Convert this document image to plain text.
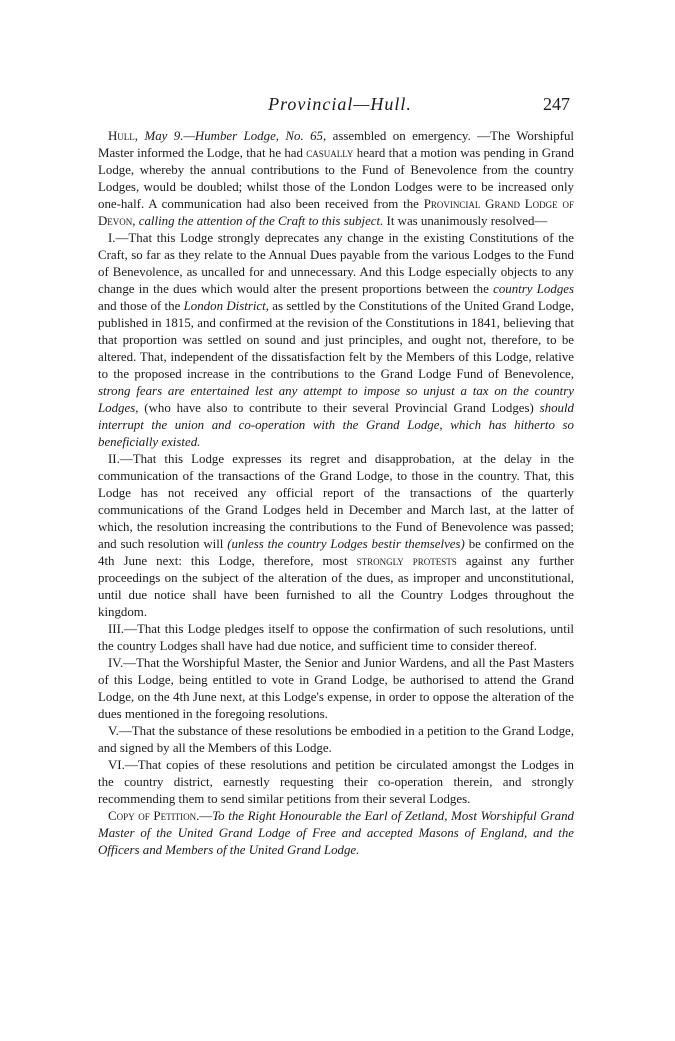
Provincial—Hull.	247

Hull, May 9.—Humber Lodge, No. 65, assembled on emergency. —The Worshipful Master informed the Lodge, that he had casually heard that a motion was pending in Grand Lodge, whereby the annual contributions to the Fund of Benevolence from the country Lodges, would be doubled; whilst those of the London Lodges were to be increased only one-half. A communication had also been received from the Provincial Grand Lodge of Devon, calling the attention of the Craft to this subject. It was unanimously resolved—

I.—That this Lodge strongly deprecates any change in the existing Constitutions of the Craft, so far as they relate to the Annual Dues payable from the various Lodges to the Fund of Benevolence, as uncalled for and unnecessary. And this Lodge especially objects to any change in the dues which would alter the present proportions between the country Lodges and those of the London District, as settled by the Constitutions of the United Grand Lodge, published in 1815, and confirmed at the revision of the Constitutions in 1841, believing that that proportion was settled on sound and just principles, and ought not, therefore, to be altered. That, independent of the dissatisfaction felt by the Members of this Lodge, relative to the proposed increase in the contributions to the Grand Lodge Fund of Benevolence, strong fears are entertained lest any attempt to impose so unjust a tax on the country Lodges, (who have also to contribute to their several Provincial Grand Lodges) should interrupt the union and co-operation with the Grand Lodge, which has hitherto so beneficially existed.

II.—That this Lodge expresses its regret and disapprobation, at the delay in the communication of the transactions of the Grand Lodge, to those in the country. That, this Lodge has not received any official report of the transactions of the quarterly communications of the Grand Lodges held in December and March last, at the latter of which, the resolution increasing the contributions to the Fund of Benevolence was passed; and such resolution will (unless the country Lodges bestir themselves) be confirmed on the 4th June next: this Lodge, therefore, most strongly protests against any further proceedings on the subject of the alteration of the dues, as improper and unconstitutional, until due notice shall have been furnished to all the Country Lodges throughout the kingdom.

III.—That this Lodge pledges itself to oppose the confirmation of such resolutions, until the country Lodges shall have had due notice, and sufficient time to consider thereof.

IV.—That the Worshipful Master, the Senior and Junior Wardens, and all the Past Masters of this Lodge, being entitled to vote in Grand Lodge, be authorised to attend the Grand Lodge, on the 4th June next, at this Lodge's expense, in order to oppose the alteration of the dues mentioned in the foregoing resolutions.

V.—That the substance of these resolutions be embodied in a petition to the Grand Lodge, and signed by all the Members of this Lodge.

VI.—That copies of these resolutions and petition be circulated amongst the Lodges in the country district, earnestly requesting their co-operation therein, and strongly recommending them to send similar petitions from their several Lodges.

Copy of Petition.—To the Right Honourable the Earl of Zetland, Most Worshipful Grand Master of the United Grand Lodge of Free and accepted Masons of England, and the Officers and Members of the United Grand Lodge.
